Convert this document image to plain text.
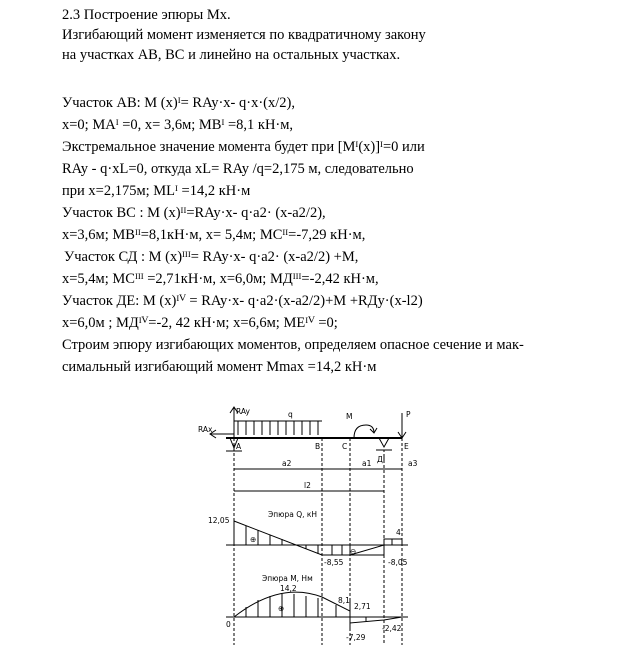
2.3 Построение эпюры Mx.
Изгибающий момент изменяется по квадратичному закону
на участках АВ, ВС и линейно на остальных участках.
Участок АВ: M (x)ᴵ= RAy·x- q·x·(x/2),
x=0; MAᴵ =0, x= 3,6м; MBᴵ =8,1 кН·м,
Экстремальное значение момента будет при [Mᴵ(x)]ᴵ=0 или
RAy - q·xL=0, откуда xL= RAy /q=2,175 м, следовательно
при x=2,175м; MLᴵ =14,2 кН·м
Участок ВС : M (x)ᴵᴵ=RAy·x- q·a2· (x-a2/2),
x=3,6м; MBᴵᴵ=8,1кН·м, x= 5,4м; MCᴵᴵ=-7,29 кН·м,
Участок СД : M (x)ᴵᴵᴵ= RAy·x- q·a2· (x-a2/2) +M,
x=5,4м; MCᴵᴵᴵ =2,71кН·м, x=6,0м; MДᴵᴵᴵ=-2,42 кН·м,
Участок ДЕ: M (x)ᴵⱽ = RAy·x- q·a2·(x-a2/2)+M +RДy·(x-l2)
x=6,0м ; MДᴵⱽ=-2, 42 кН·м; x=6,6м; MEᴵⱽ =0;
Строим эпюру изгибающих моментов, определяем опасное сечение и мак-
симальный изгибающий момент Mmax =14,2 кН·м
RAy
RAx
q	M	P
A	B	C
Д
E
a2	a1	a3
l2
Эпюра Q, кН
12,05
-8,55	-8,05
4
⊕
⊖
Эпюра M, Нм
14,2
8,1
2,71
-7,29
-2,42
0
⊕
